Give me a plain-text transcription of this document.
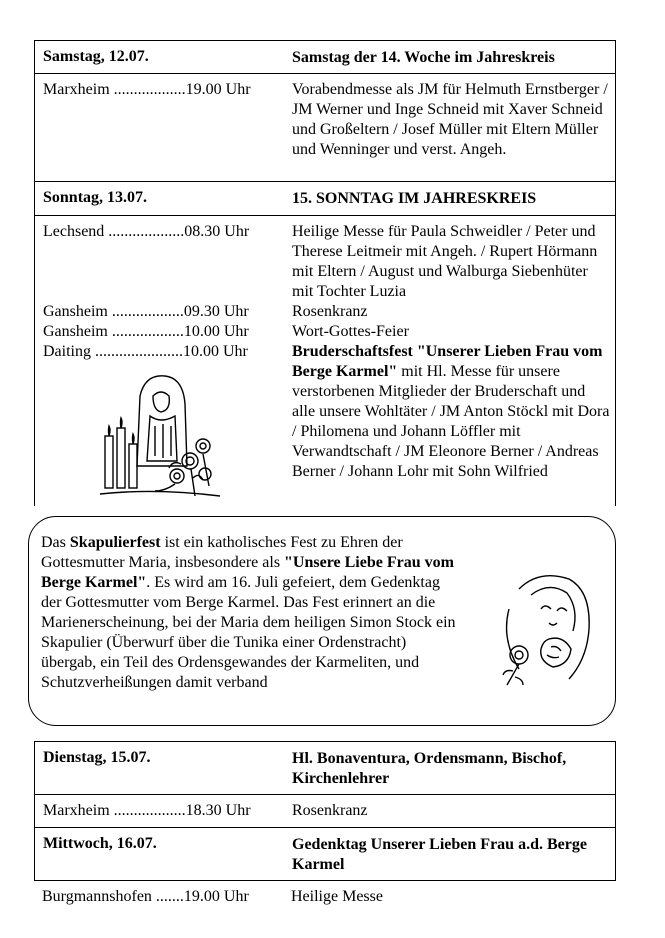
Samstag, 12.07.	Samstag der 14. Woche im Jahreskreis
Marxheim ..................19.00 Uhr	Vorabendmesse als JM für Helmuth Ernstberger / JM Werner und Inge Schneid mit Xaver Schneid und Großeltern / Josef Müller mit Eltern Müller und Wenninger und verst. Angeh.
Sonntag, 13.07.	15. SONNTAG IM JAHRESKREIS
Lechsend ...................08.30 Uhr	Heilige Messe für Paula Schweidler / Peter und Therese Leitmeir mit Angeh. / Rupert Hörmann mit Eltern / August und Walburga Siebenhüter mit Tochter Luzia
Gansheim ..................09.30 Uhr	Rosenkranz
Gansheim ..................10.00 Uhr	Wort-Gottes-Feier
Daiting ......................10.00 Uhr	Bruderschaftsfest "Unserer Lieben Frau vom Berge Karmel" mit Hl. Messe für unsere verstorbenen Mitglieder der Bruderschaft und alle unsere Wohltäter / JM Anton Stöckl mit Dora / Philomena und Johann Löffler mit Verwandtschaft / JM Eleonore Berner / Andreas Berner / Johann Lohr mit Sohn Wilfried
Das Skapulierfest ist ein katholisches Fest zu Ehren der Gottesmutter Maria, insbesondere als "Unsere Liebe Frau vom Berge Karmel". Es wird am 16. Juli gefeiert, dem Gedenktag der Gottesmutter vom Berge Karmel. Das Fest erinnert an die Marienerscheinung, bei der Maria dem heiligen Simon Stock ein Skapulier (Überwurf über die Tunika einer Ordenstracht) übergab, ein Teil des Ordensgewandes der Karmeliten, und Schutzverheißungen damit verband
Dienstag, 15.07.	Hl. Bonaventura, Ordensmann, Bischof, Kirchenlehrer
Marxheim ..................18.30 Uhr	Rosenkranz
Mittwoch, 16.07.	Gedenktag Unserer Lieben Frau a.d. Berge Karmel
Burgmannshofen .......19.00 Uhr	Heilige Messe
